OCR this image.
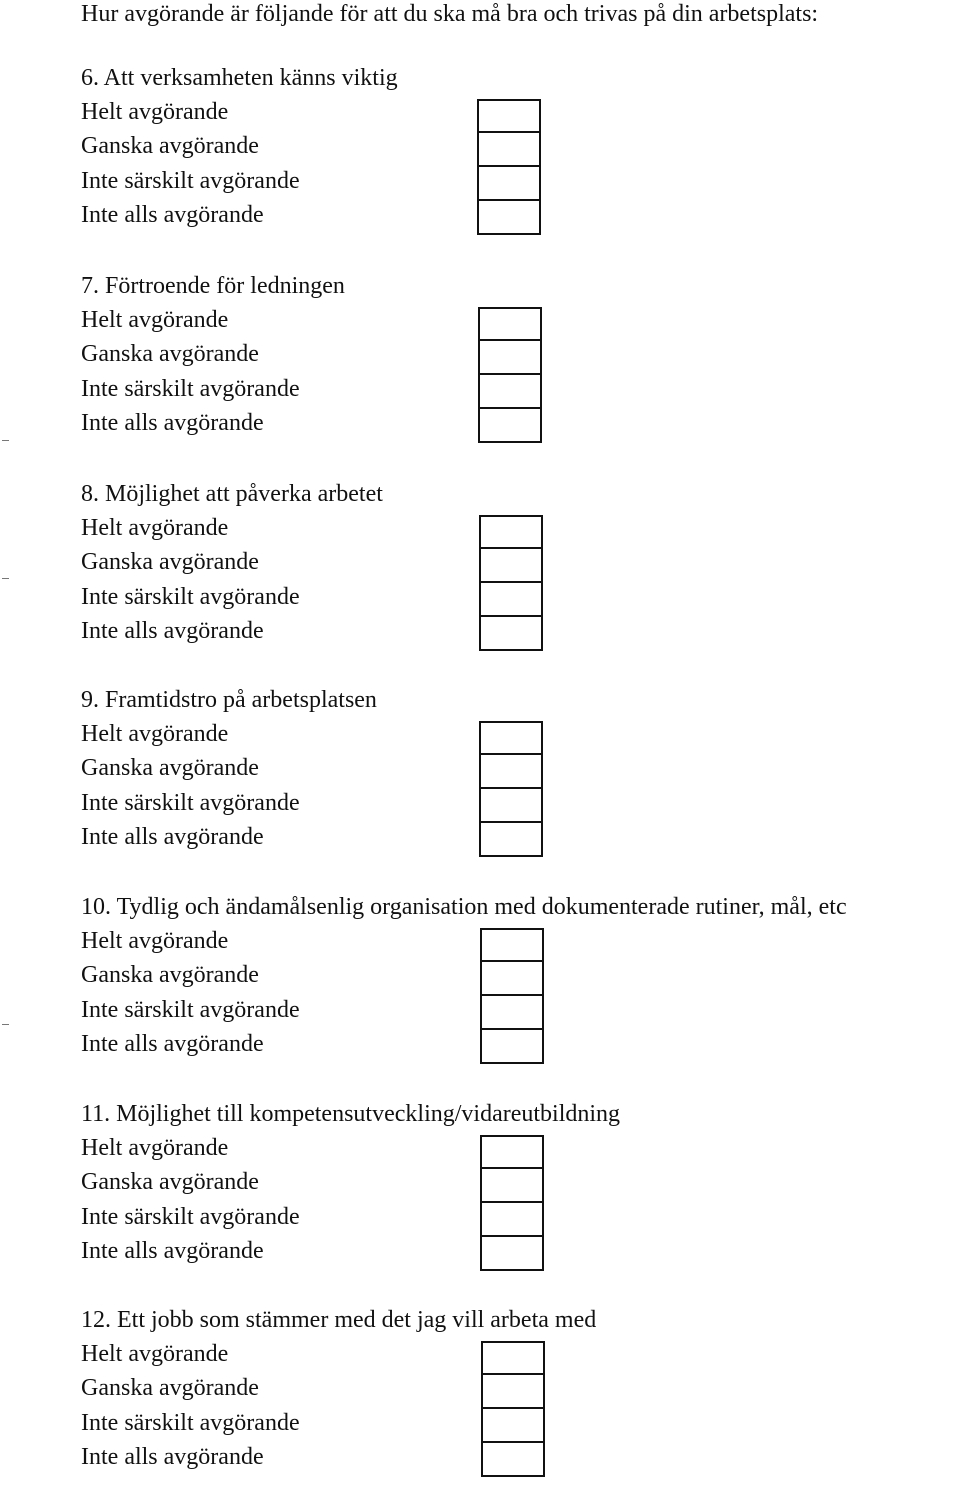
Hur avgörande är följande för att du ska må bra och trivas på din arbetsplats:
6. Att verksamheten känns viktig

Helt avgörande

Ganska avgörande

Inte särskilt avgörande

Inte alls avgörande

7. Förtroende för ledningen

Helt avgörande

Ganska avgörande

Inte särskilt avgörande

Inte alls avgörande

8. Möjlighet att påverka arbetet

Helt avgörande

Ganska avgörande

Inte särskilt avgörande

Inte alls avgörande

9. Framtidstro på arbetsplatsen

Helt avgörande

Ganska avgörande

Inte särskilt avgörande

Inte alls avgörande

10. Tydlig och ändamålsenlig organisation med dokumenterade rutiner, mål, etc

Helt avgörande

Ganska avgörande

Inte särskilt avgörande

Inte alls avgörande

11. Möjlighet till kompetensutveckling/vidareutbildning

Helt avgörande

Ganska avgörande

Inte särskilt avgörande

Inte alls avgörande

12. Ett jobb som stämmer med det jag vill arbeta med

Helt avgörande

Ganska avgörande

Inte särskilt avgörande

Inte alls avgörande
